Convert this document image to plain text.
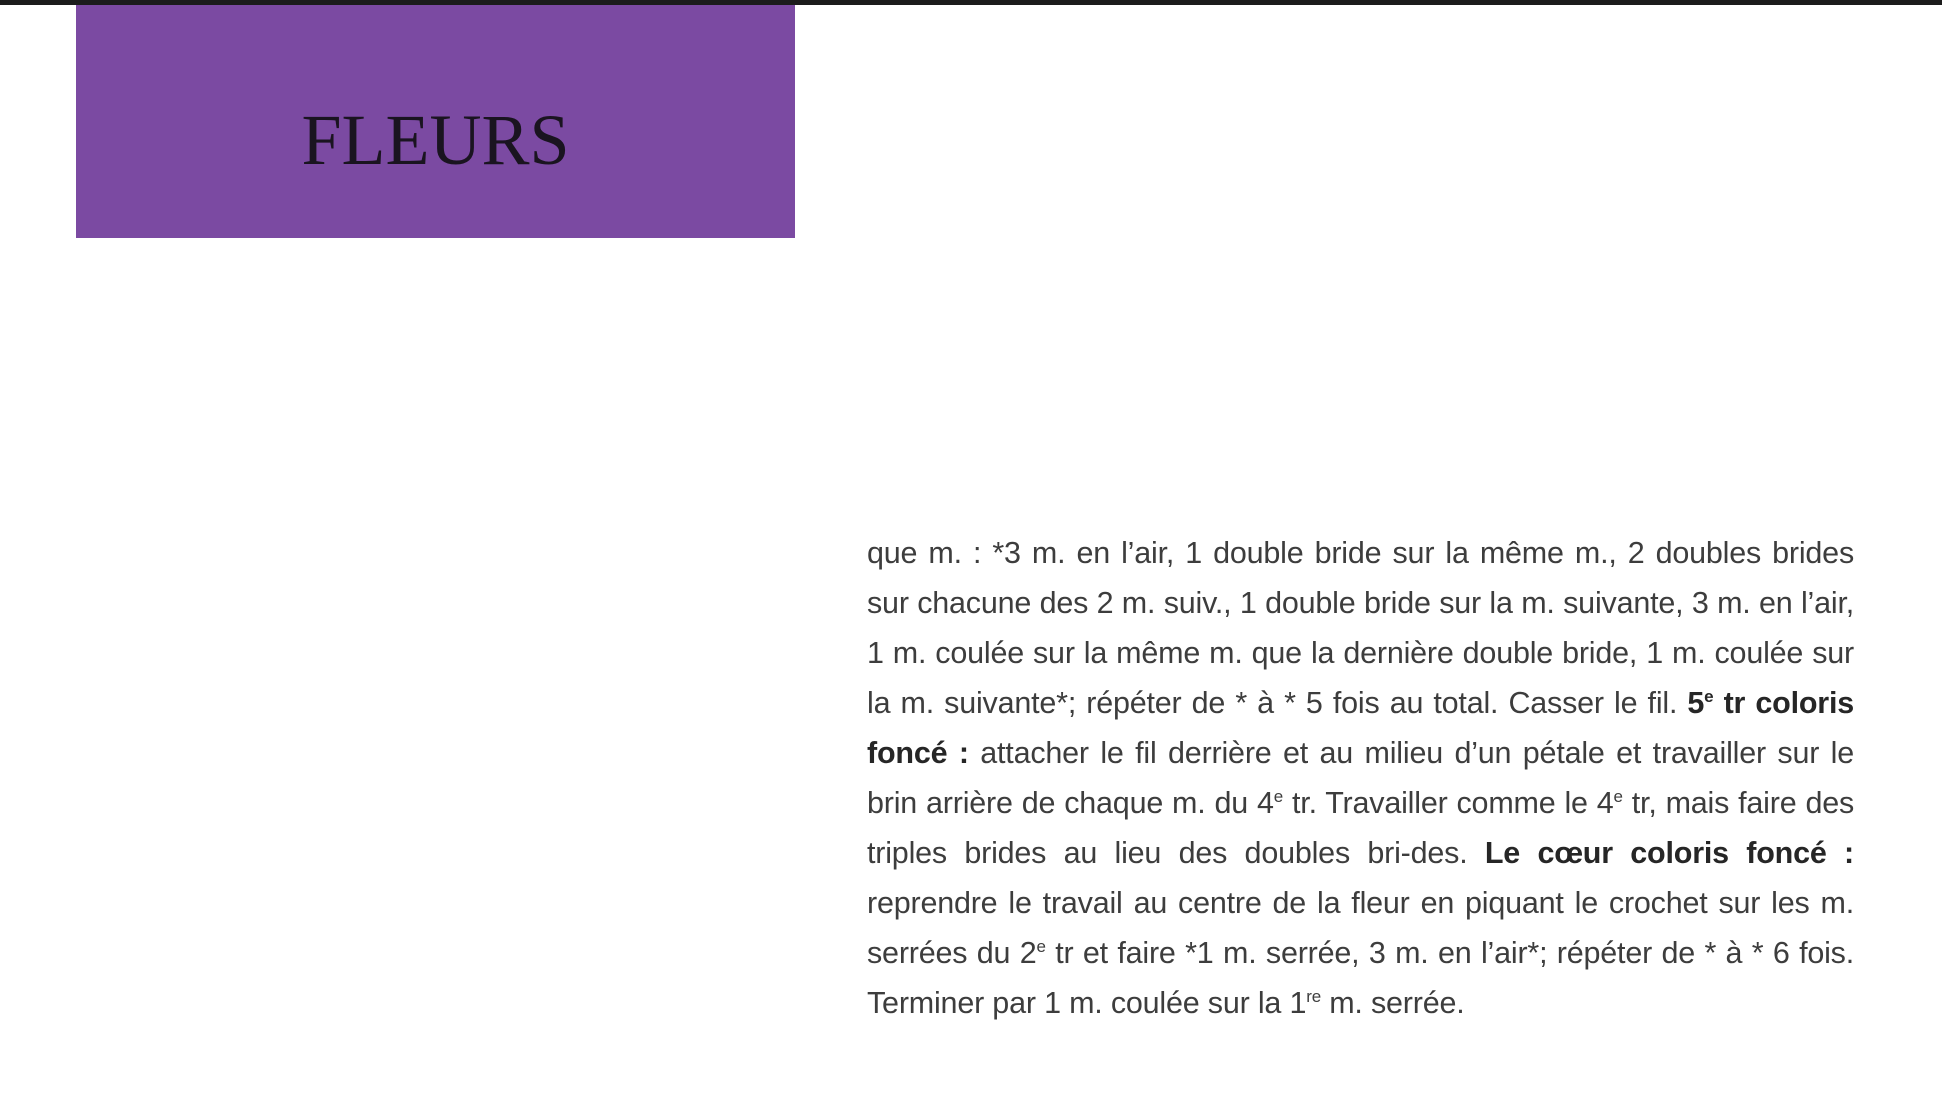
FLEURS

que m. : *3 m. en l’air, 1 double bride sur la même m., 2 doubles brides sur chacune des 2 m. suiv., 1 double bride sur la m. suivante, 3 m. en l’air, 1 m. coulée sur la même m. que la dernière double bride, 1 m. coulée sur la m. suivante*; répéter de * à * 5 fois au total. Casser le fil. 5e tr coloris foncé : attacher le fil derrière et au milieu d’un pétale et travailler sur le brin arrière de chaque m. du 4e tr. Travailler comme le 4e tr, mais faire des triples brides au lieu des doubles bri-des. Le cœur coloris foncé : reprendre le travail au centre de la fleur en piquant le crochet sur les m. serrées du 2e tr et faire *1 m. serrée, 3 m. en l’air*; répéter de * à * 6 fois. Terminer par 1 m. coulée sur la 1re m. serrée.
